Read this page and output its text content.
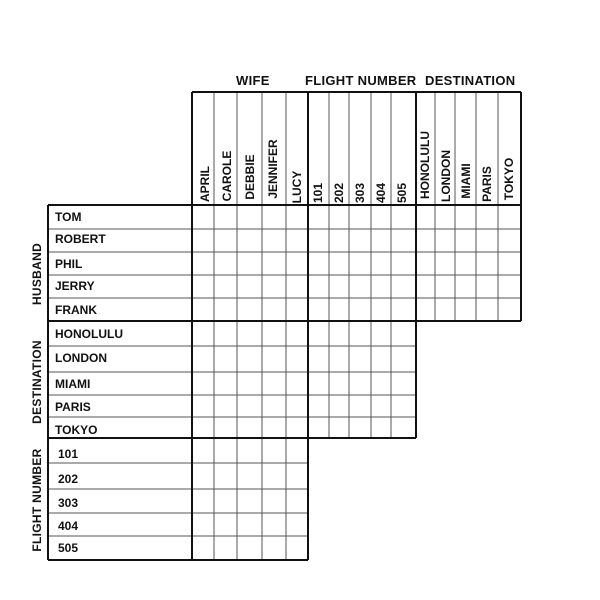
WIFE	FLIGHT NUMBER DESTINATION
APRIL CAROLE DEBBIE JENNIFER LUCY 101 202 303 404 505 HONOLULU LONDON MIAMI PARIS TOKYO
HUSBAND
DESTINATION
FLIGHT NUMBER
TOM
ROBERT
PHIL
JERRY
FRANK
HONOLULU
LONDON
MIAMI
PARIS
TOKYO
101
202
303
404
505
